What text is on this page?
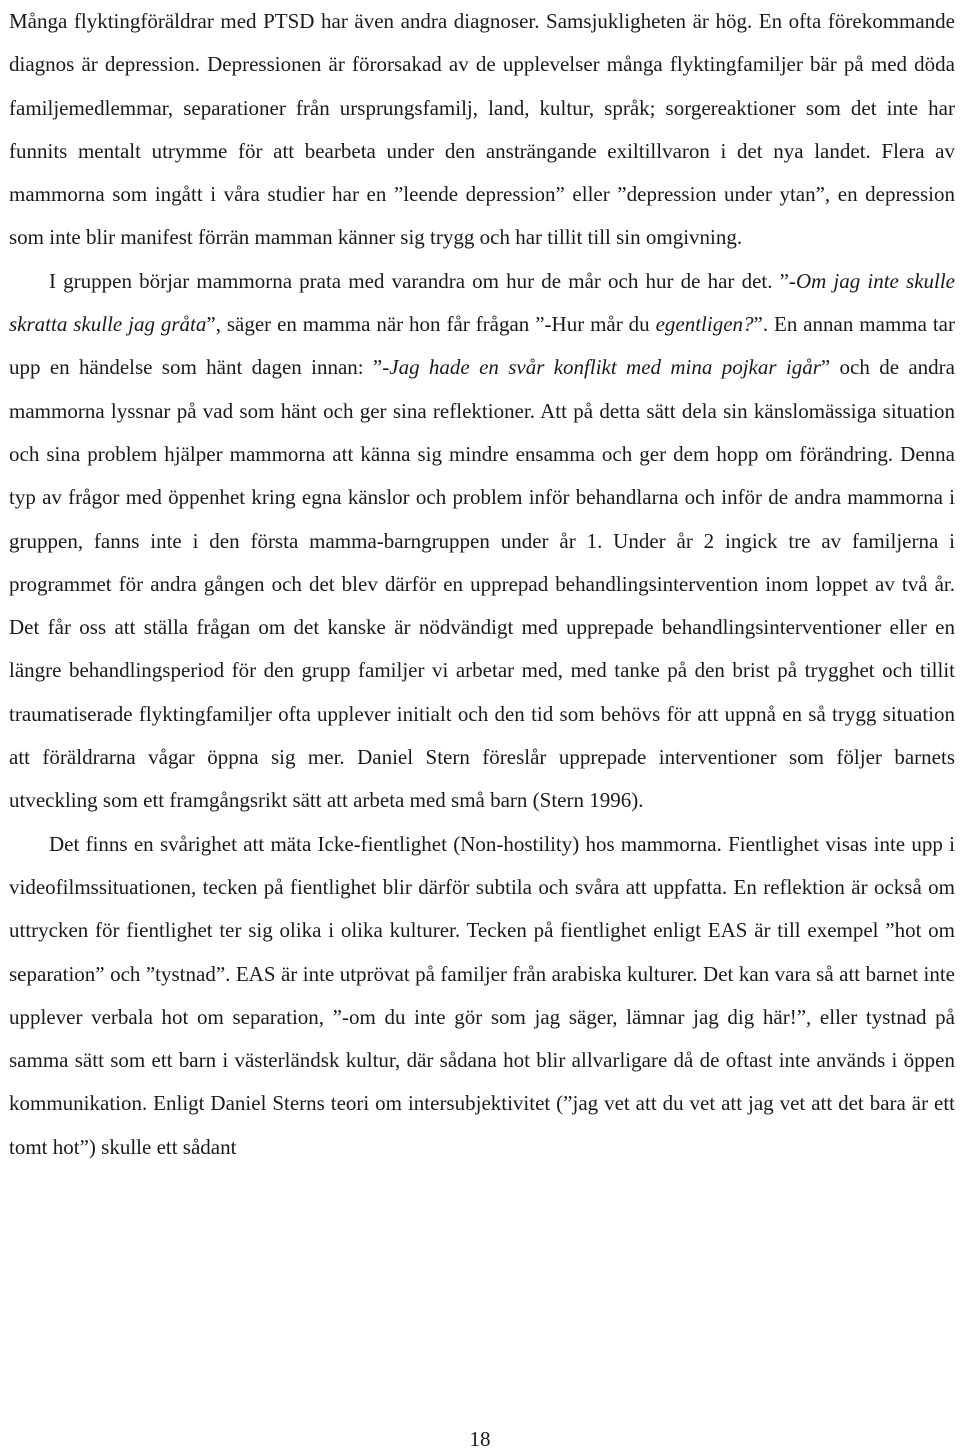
Många flyktingföräldrar med PTSD har även andra diagnoser. Samsjukligheten är hög. En ofta förekommande diagnos är depression. Depressionen är förorsakad av de upplevelser många flyktingfamiljer bär på med döda familjemedlemmar, separationer från ursprungsfamilj, land, kultur, språk; sorgereaktioner som det inte har funnits mentalt utrymme för att bearbeta under den ansträngande exiltillvaron i det nya landet. Flera av mammorna som ingått i våra studier har en ”leende depression” eller ”depression under ytan”, en depression som inte blir manifest förrän mamman känner sig trygg och har tillit till sin omgivning.

I gruppen börjar mammorna prata med varandra om hur de mår och hur de har det. ”-Om jag inte skulle skratta skulle jag gråta”, säger en mamma när hon får frågan ”-Hur mår du egentligen?”. En annan mamma tar upp en händelse som hänt dagen innan: ”-Jag hade en svår konflikt med mina pojkar igår” och de andra mammorna lyssnar på vad som hänt och ger sina reflektioner. Att på detta sätt dela sin känslomässiga situation och sina problem hjälper mammorna att känna sig mindre ensamma och ger dem hopp om förändring. Denna typ av frågor med öppenhet kring egna känslor och problem inför behandlarna och inför de andra mammorna i gruppen, fanns inte i den första mamma-barngruppen under år 1. Under år 2 ingick tre av familjerna i programmet för andra gången och det blev därför en upprepad behandlingsintervention inom loppet av två år. Det får oss att ställa frågan om det kanske är nödvändigt med upprepade behandlingsinterventioner eller en längre behandlingsperiod för den grupp familjer vi arbetar med, med tanke på den brist på trygghet och tillit traumatiserade flyktingfamiljer ofta upplever initialt och den tid som behövs för att uppnå en så trygg situation att föräldrarna vågar öppna sig mer. Daniel Stern föreslår upprepade interventioner som följer barnets utveckling som ett framgångsrikt sätt att arbeta med små barn (Stern 1996).

Det finns en svårighet att mäta Icke-fientlighet (Non-hostility) hos mammorna. Fientlighet visas inte upp i videofilmssituationen, tecken på fientlighet blir därför subtila och svåra att uppfatta. En reflektion är också om uttrycken för fientlighet ter sig olika i olika kulturer. Tecken på fientlighet enligt EAS är till exempel ”hot om separation” och ”tystnad”. EAS är inte utprövat på familjer från arabiska kulturer. Det kan vara så att barnet inte upplever verbala hot om separation, ”-om du inte gör som jag säger, lämnar jag dig här!”, eller tystnad på samma sätt som ett barn i västerländsk kultur, där sådana hot blir allvarligare då de oftast inte används i öppen kommunikation. Enligt Daniel Sterns teori om intersubjektivitet (”jag vet att du vet att jag vet att det bara är ett tomt hot”) skulle ett sådant

18
